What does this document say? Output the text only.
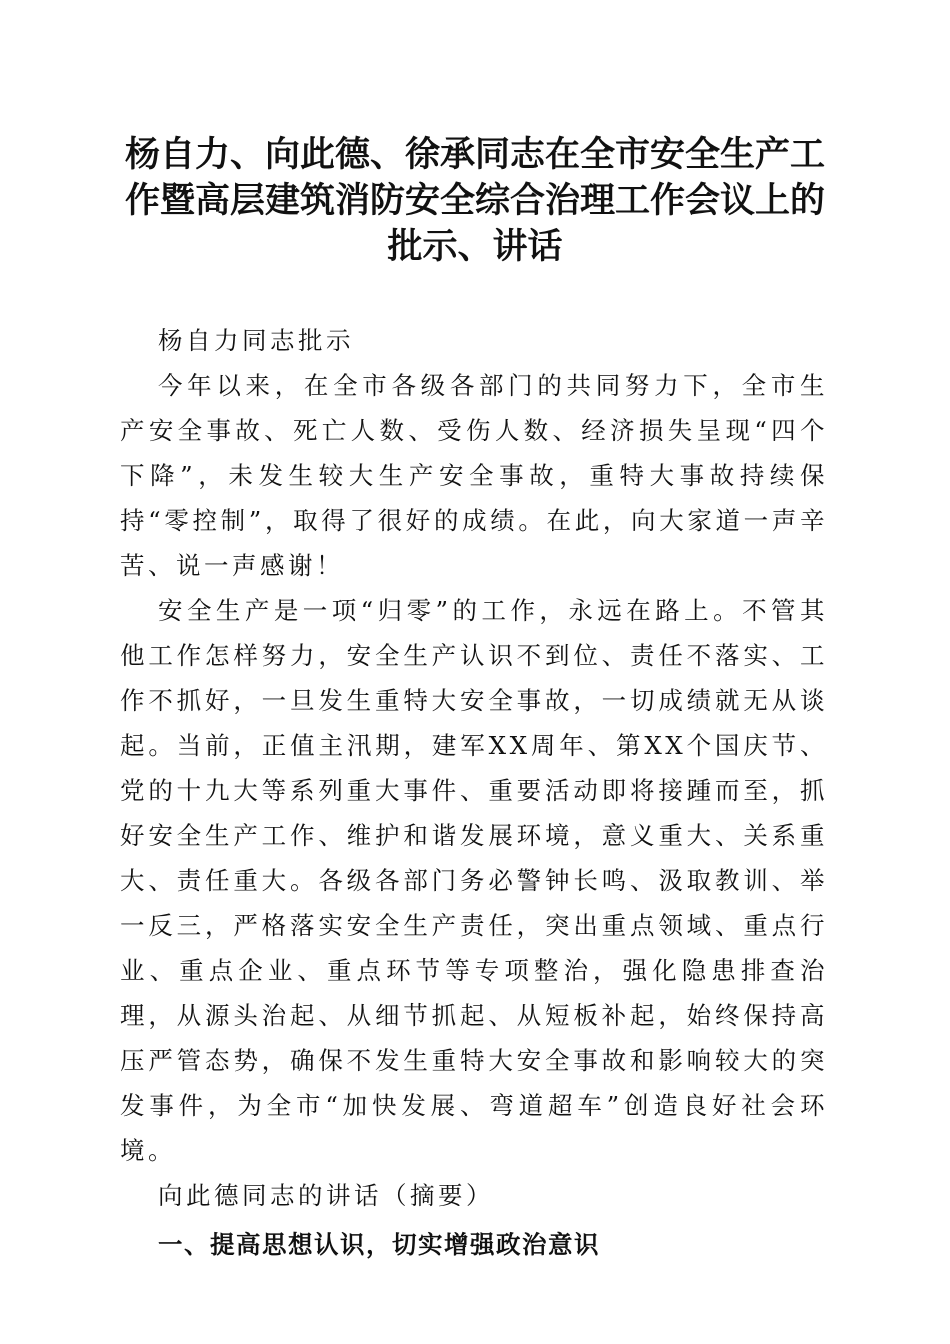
杨自力、向此德、徐承同志在全市安全生产工作暨高层建筑消防安全综合治理工作会议上的批示、讲话

杨自力同志批示

今年以来，在全市各级各部门的共同努力下，全市生产安全事故、死亡人数、受伤人数、经济损失呈现“四个下降”，未发生较大生产安全事故，重特大事故持续保持“零控制”，取得了很好的成绩。在此，向大家道一声辛苦、说一声感谢！

安全生产是一项“归零”的工作，永远在路上。不管其他工作怎样努力，安全生产认识不到位、责任不落实、工作不抓好，一旦发生重特大安全事故，一切成绩就无从谈起。当前，正值主汛期，建军XX周年、第XX个国庆节、党的十九大等系列重大事件、重要活动即将接踵而至，抓好安全生产工作、维护和谐发展环境，意义重大、关系重大、责任重大。各级各部门务必警钟长鸣、汲取教训、举一反三，严格落实安全生产责任，突出重点领域、重点行业、重点企业、重点环节等专项整治，强化隐患排查治理，从源头治起、从细节抓起、从短板补起，始终保持高压严管态势，确保不发生重特大安全事故和影响较大的突发事件，为全市“加快发展、弯道超车”创造良好社会环境。

向此德同志的讲话（摘要）

一、提高思想认识，切实增强政治意识
